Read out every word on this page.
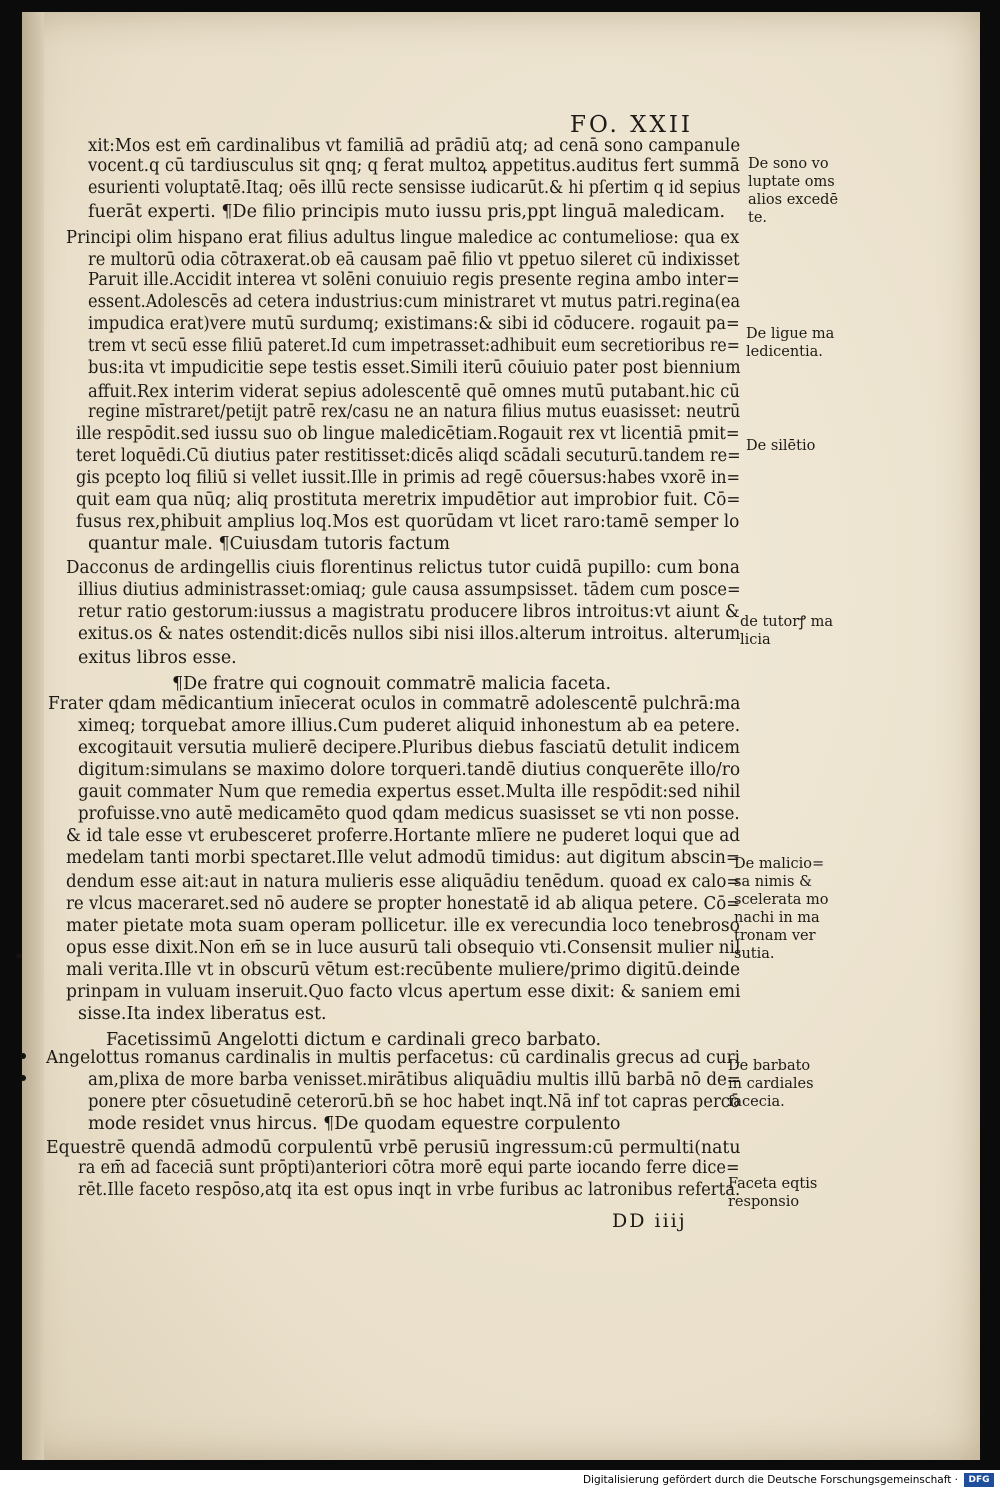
FO. XXII
xit:Mos est em̄ cardinalibus vt familiā ad prādiū atq; ad cenā sono campanule
vocent.q cū tardiusculus sit qnq; q ferat multoꝝ appetitus.auditus fert summā
esurienti voluptatē.Itaq; oēs illū recte sensisse iudicarūt.& hi pſertim q id sepius
fuerāt experti. ¶De filio principis muto iussu pris,ppt linguā maledicam.
Principi olim hispano erat filius adultus lingue maledice ac contumeliose: qua ex
re multorū odia cōtraxerat.ob eā causam paē filio vt ppetuo sileret cū indixisset
Paruit ille.Accidit interea vt solēni conuiuio regis presente regina ambo inter=
essent.Adolescēs ad cetera industrius:cum ministraret vt mutus patri.regina(ea
impudica erat)vere mutū surdumq; existimans:& sibi id cōducere. rogauit pa=
trem vt secū esse filiū pateret.Id cum impetrasset:adhibuit eum secretioribus re=
bus:ita vt impudicitie sepe testis esset.Simili iterū cōuiuio pater post biennium
affuit.Rex interim viderat sepius adolescentē quē omnes mutū putabant.hic cū
regine mīstraret/petijt patrē rex/casu ne an natura filius mutus euasisset: neutrū
ille respōdit.sed iussu suo ob lingue maledicētiam.Rogauit rex vt licentiā pmit=
teret loquēdi.Cū diutius pater restitisset:dicēs aliqd scādali secuturū.tandem re=
gis pcepto loq filiū si vellet iussit.Ille in primis ad regē cōuersus:habes vxorē in=
quit eam qua nūq; aliq prostituta meretrix impudētior aut improbior fuit. Cō=
fusus rex,phibuit amplius loq.Mos est quorūdam vt licet raro:tamē semper lo
quantur male. ¶Cuiusdam tutoris factum
Dacconus de ardingellis ciuis florentinus relictus tutor cuidā pupillo: cum bona
illius diutius administrasset:omiaq; gule causa assumpsisset. tādem cum posce=
retur ratio gestorum:iussus a magistratu producere libros introitus:vt aiunt &
exitus.os & nates ostendit:dicēs nullos sibi nisi illos.alterum introitus. alterum
exitus libros esse.
¶De fratre qui cognouit commatrē malicia faceta.
Frater qdam mēdicantium inīecerat oculos in commatrē adolescentē pulchrā:ma
ximeq; torquebat amore illius.Cum puderet aliquid inhonestum ab ea petere.
excogitauit versutia mulierē decipere.Pluribus diebus fasciatū detulit indicem
digitum:simulans se maximo dolore torqueri.tandē diutius conquerēte illo/ro
gauit commater Num que remedia expertus esset.Multa ille respōdit:sed nihil
profuisse.vno autē medicamēto quod qdam medicus suasisset se vti non posse.
& id tale esse vt erubesceret proferre.Hortante mlīere ne puderet loqui que ad
medelam tanti morbi spectaret.Ille velut admodū timidus: aut digitum abscin=
dendum esse ait:aut in natura mulieris esse aliquādiu tenēdum. quoad ex calo=
re vlcus maceraret.sed nō audere se propter honestatē id ab aliqua petere. Cō=
mater pietate mota suam operam pollicetur. ille ex verecundia loco tenebroso
opus esse dixit.Non em̄ se in luce ausurū tali obsequio vti.Consensit mulier nil
mali verita.Ille vt in obscurū vētum est:recūbente muliere/primo digitū.deinde
prinpam in vuluam inseruit.Quo facto vlcus apertum esse dixit: & saniem emi
sisse.Ita index liberatus est.
Facetissimū Angelotti dictum e cardinali greco barbato.
Angelottus romanus cardinalis in multis perfacetus: cū cardinalis grecus ad curi
am,plixa de more barba venisset.mirātibus aliquādiu multis illū barbā nō de=
ponere pter cōsuetudinē ceterorū.bn̄ se hoc habet inqt.Nā inf tot capras percō
mode residet vnus hircus. ¶De quodam equestre corpulento
Equestrē quendā admodū corpulentū vrbē perusiū ingressum:cū permulti(natu
ra em̄ ad faceciā sunt prōpti)anteriori cōtra morē equi parte iocando ferre dice=
rēt.Ille faceto respōso,atq ita est opus inqt in vrbe furibus ac latronibus referta.
De sono vo
luptate oms
alios excedē
te.
De ligue ma
ledicentia.
De silētio
de tutorꝭ ma
licia
De malicio=
sa nimis &
scelerata mo
nachi in ma
tronam ver
sutia.
De barbato
in cardiales
facecia.
Faceta eqtis
responsio
DD iiij
Digitalisierung gefördert durch die Deutsche Forschungsgemeinschaft ·	DFG
